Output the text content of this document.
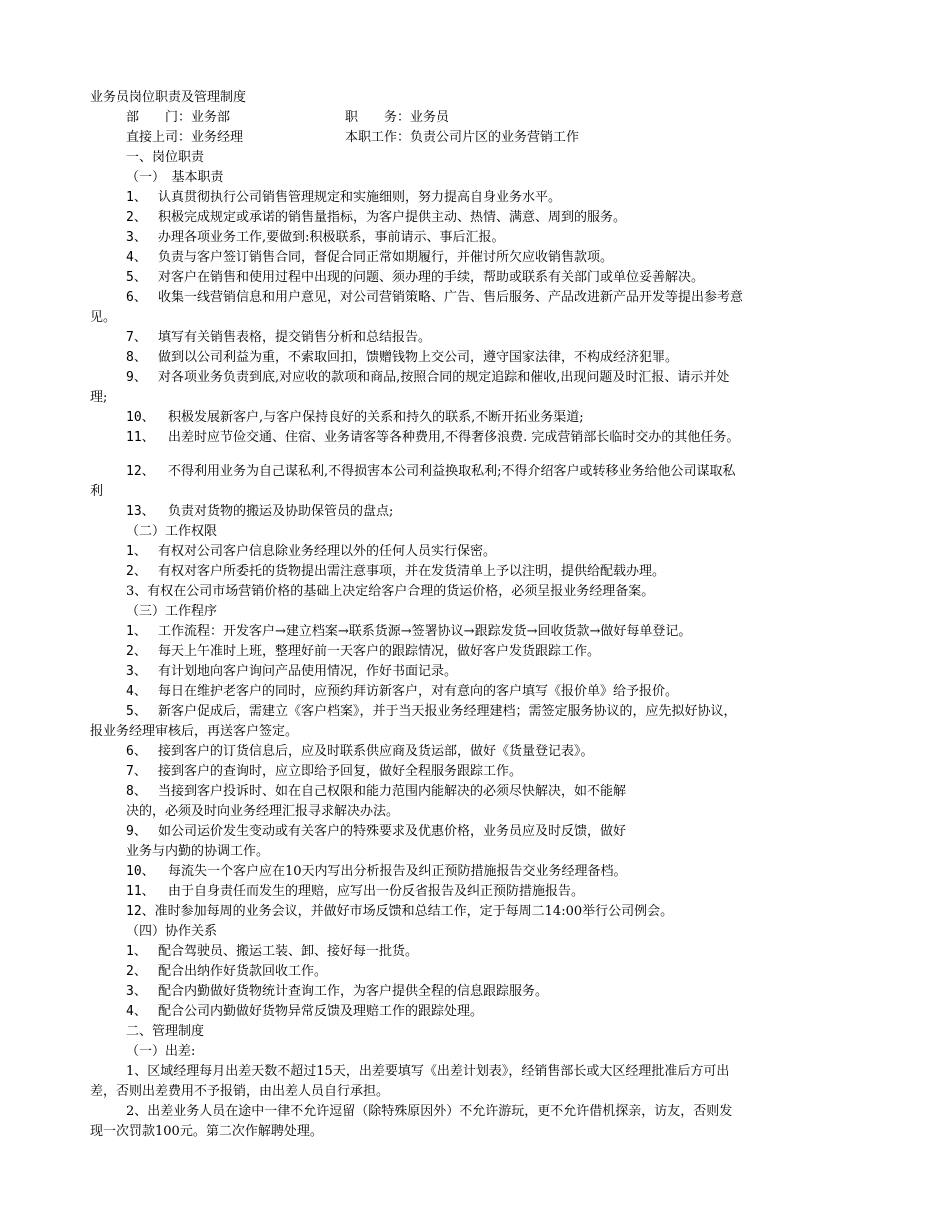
业务员岗位职责及管理制度
部　　门：业务部	职　　务：业务员
直接上司：业务经理	本职工作：负责公司片区的业务营销工作
一、岗位职责
（一）　基本职责
1、 认真贯彻执行公司销售管理规定和实施细则，努力提高自身业务水平。
2、 积极完成规定或承诺的销售量指标，为客户提供主动、热情、满意、周到的服务。
3、 办理各项业务工作,要做到:积极联系，事前请示、事后汇报。
4、 负责与客户签订销售合同，督促合同正常如期履行，并催讨所欠应收销售款项。
5、 对客户在销售和使用过程中出现的问题、须办理的手续，帮助或联系有关部门或单位妥善解决。
6、 收集一线营销信息和用户意见，对公司营销策略、广告、售后服务、产品改进新产品开发等提出参考意
见。
7、 填写有关销售表格，提交销售分析和总结报告。
8、 做到以公司利益为重，不索取回扣，馈赠钱物上交公司，遵守国家法律，不构成经济犯罪。
9、 对各项业务负责到底,对应收的款项和商品,按照合同的规定追踪和催收,出现问题及时汇报、请示并处
理;
10、 积极发展新客户,与客户保持良好的关系和持久的联系,不断开拓业务渠道;
11、 出差时应节俭交通、住宿、业务请客等各种费用,不得奢侈浪费. 完成营销部长临时交办的其他任务。
12、 不得利用业务为自己谋私利,不得损害本公司利益换取私利;不得介绍客户或转移业务给他公司谋取私
利
13、 负责对货物的搬运及协助保管员的盘点;
（二）工作权限
1、 有权对公司客户信息除业务经理以外的任何人员实行保密。
2、 有权对客户所委托的货物提出需注意事项，并在发货清单上予以注明，提供给配载办理。
3、有权在公司市场营销价格的基础上决定给客户合理的货运价格，必须呈报业务经理备案。
（三）工作程序
1、 工作流程：开发客户→建立档案→联系货源→签署协议→跟踪发货→回收货款→做好每单登记。
2、 每天上午准时上班，整理好前一天客户的跟踪情况，做好客户发货跟踪工作。
3、 有计划地向客户询问产品使用情况，作好书面记录。
4、 每日在维护老客户的同时，应预约拜访新客户，对有意向的客户填写《报价单》给予报价。
5、 新客户促成后，需建立《客户档案》，并于当天报业务经理建档；需签定服务协议的，应先拟好协议，
报业务经理审核后，再送客户签定。
6、 接到客户的订货信息后，应及时联系供应商及货运部，做好《货量登记表》。
7、 接到客户的查询时，应立即给予回复，做好全程服务跟踪工作。
8、 当接到客户投诉时、如在自己权限和能力范围内能解决的必须尽快解决，如不能解
决的，必须及时向业务经理汇报寻求解决办法。
9、 如公司运价发生变动或有关客户的特殊要求及优惠价格，业务员应及时反馈，做好
业务与内勤的协调工作。
10、 每流失一个客户应在10天内写出分析报告及纠正预防措施报告交业务经理备档。
11、 由于自身责任而发生的理赔，应写出一份反省报告及纠正预防措施报告。
12、准时参加每周的业务会议，并做好市场反馈和总结工作，定于每周二14:00举行公司例会。
（四）协作关系
1、 配合驾驶员、搬运工装、卸、接好每一批货。
2、 配合出纳作好货款回收工作。
3、 配合内勤做好货物统计查询工作，为客户提供全程的信息跟踪服务。
4、 配合公司内勤做好货物异常反馈及理赔工作的跟踪处理。
二、管理制度
（一）出差:
1、区域经理每月出差天数不超过15天，出差要填写《出差计划表》，经销售部长或大区经理批准后方可出
差，否则出差费用不予报销，由出差人员自行承担。
2、出差业务人员在途中一律不允许逗留（除特殊原因外）不允许游玩，更不允许借机探亲，访友，否则发
现一次罚款100元。第二次作解聘处理。
